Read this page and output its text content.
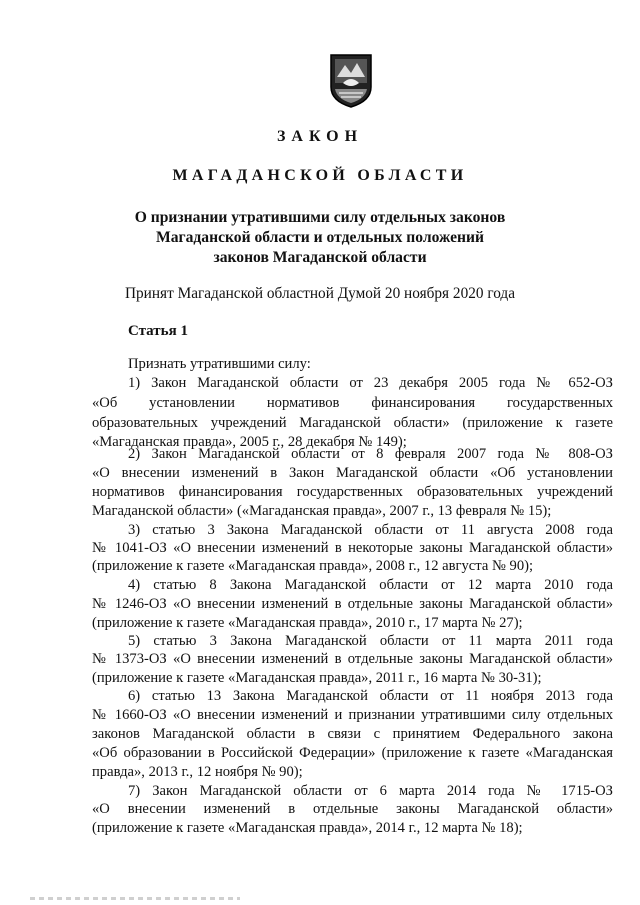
ЗАКОН
МАГАДАНСКОЙ ОБЛАСТИ
О признании утратившими силу отдельных законов
Магаданской области и отдельных положений
законов Магаданской области
Принят Магаданской областной Думой 20 ноября 2020 года
Статья 1
Признать утратившими силу:
1) Закон Магаданской области от 23 декабря 2005 года № 652-ОЗ
«Об установлении нормативов финансирования государственных
образовательных учреждений Магаданской области» (приложение к газете
«Магаданская правда», 2005 г., 28 декабря № 149);
2) Закон Магаданской области от 8 февраля 2007 года № 808-ОЗ
«О внесении изменений в Закон Магаданской области «Об установлении
нормативов финансирования государственных образовательных учреждений
Магаданской области» («Магаданская правда», 2007 г., 13 февраля № 15);
3) статью 3 Закона Магаданской области от 11 августа 2008 года
№ 1041-ОЗ «О внесении изменений в некоторые законы Магаданской области»
(приложение к газете «Магаданская правда», 2008 г., 12 августа № 90);
4) статью 8 Закона Магаданской области от 12 марта 2010 года
№ 1246-ОЗ «О внесении изменений в отдельные законы Магаданской области»
(приложение к газете «Магаданская правда», 2010 г., 17 марта № 27);
5) статью 3 Закона Магаданской области от 11 марта 2011 года
№ 1373-ОЗ «О внесении изменений в отдельные законы Магаданской области»
(приложение к газете «Магаданская правда», 2011 г., 16 марта № 30-31);
6) статью 13 Закона Магаданской области от 11 ноября 2013 года
№ 1660-ОЗ «О внесении изменений и признании утратившими силу отдельных
законов Магаданской области в связи с принятием Федерального закона
«Об образовании в Российской Федерации» (приложение к газете «Магаданская
правда», 2013 г., 12 ноября № 90);
7) Закон Магаданской области от 6 марта 2014 года № 1715-ОЗ
«О внесении изменений в отдельные законы Магаданской области»
(приложение к газете «Магаданская правда», 2014 г., 12 марта № 18);
